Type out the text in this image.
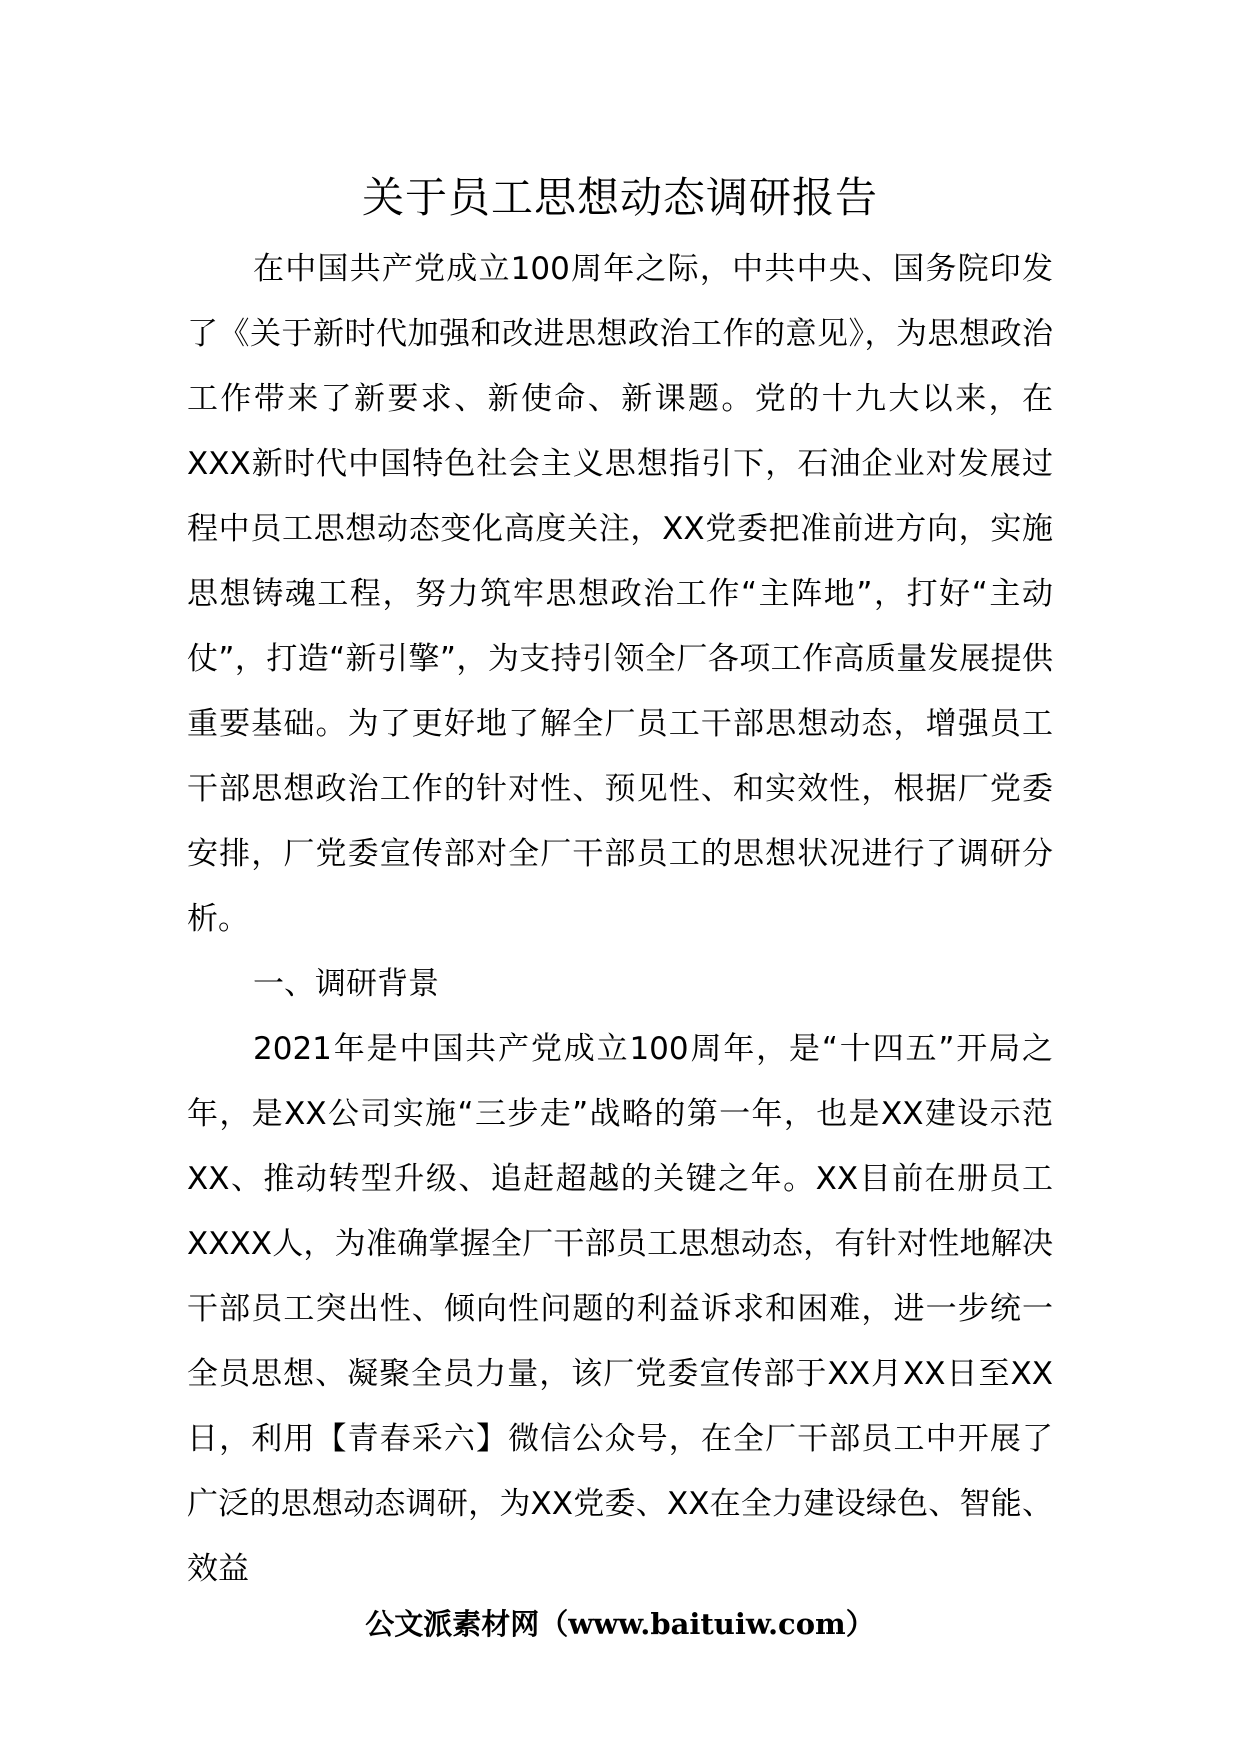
关于员工思想动态调研报告

在中国共产党成立100周年之际，中共中央、国务院印发了《关于新时代加强和改进思想政治工作的意见》，为思想政治工作带来了新要求、新使命、新课题。党的十九大以来，在XXX新时代中国特色社会主义思想指引下，石油企业对发展过程中员工思想动态变化高度关注，XX党委把准前进方向，实施思想铸魂工程，努力筑牢思想政治工作“主阵地”，打好“主动仗”，打造“新引擎”，为支持引领全厂各项工作高质量发展提供重要基础。为了更好地了解全厂员工干部思想动态，增强员工干部思想政治工作的针对性、预见性、和实效性，根据厂党委安排，厂党委宣传部对全厂干部员工的思想状况进行了调研分析。

一、调研背景

2021年是中国共产党成立100周年，是“十四五”开局之年，是XX公司实施“三步走”战略的第一年，也是XX建设示范XX、推动转型升级、追赶超越的关键之年。XX目前在册员工XXXX人，为准确掌握全厂干部员工思想动态，有针对性地解决干部员工突出性、倾向性问题的利益诉求和困难，进一步统一全员思想、凝聚全员力量，该厂党委宣传部于XX月XX日至XX日，利用【青春采六】微信公众号，在全厂干部员工中开展了广泛的思想动态调研，为XX党委、XX在全力建设绿色、智能、效益

公文派素材网（www.baituiw.com）
